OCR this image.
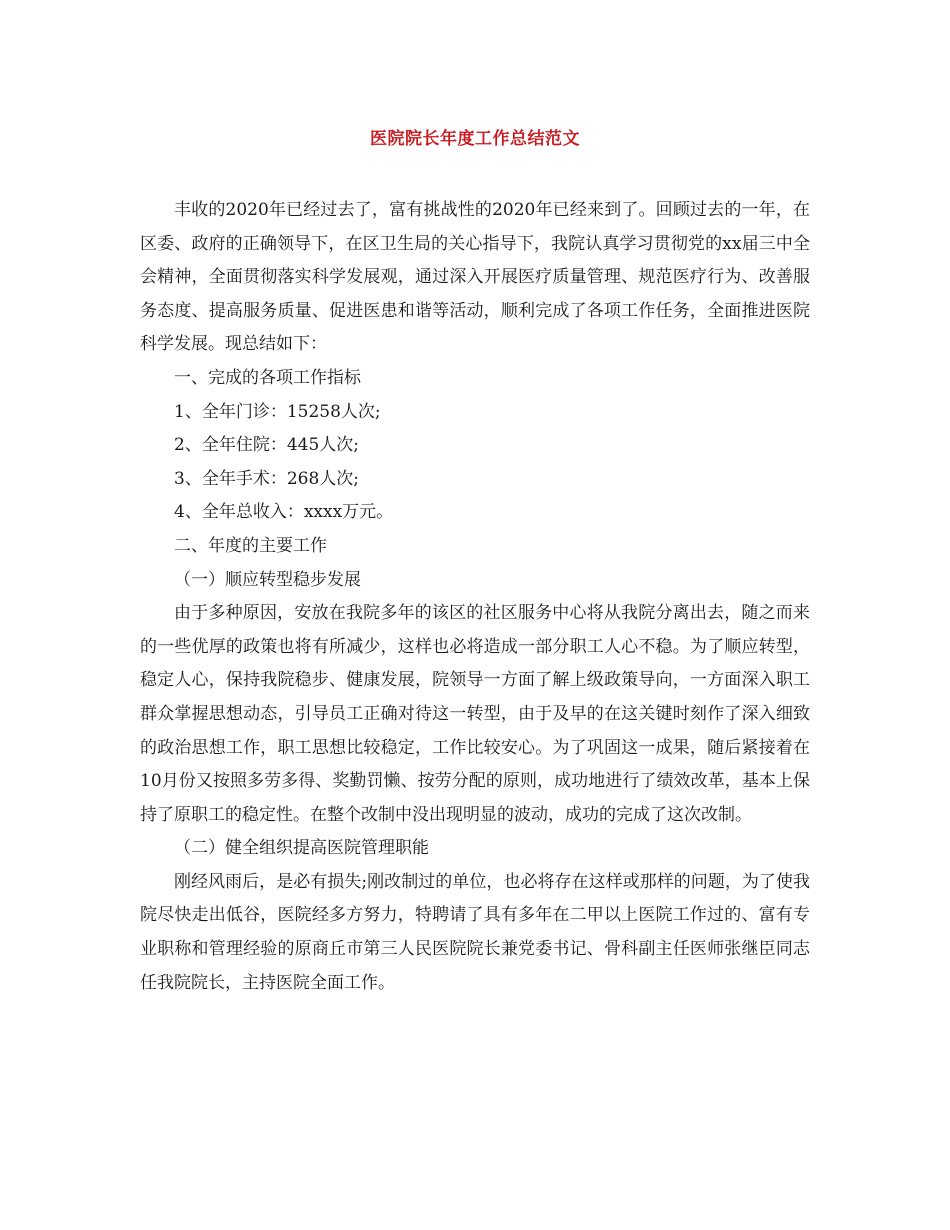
医院院长年度工作总结范文

丰收的2020年已经过去了，富有挑战性的2020年已经来到了。回顾过去的一年，在区委、政府的正确领导下，在区卫生局的关心指导下，我院认真学习贯彻党的xx届三中全会精神，全面贯彻落实科学发展观，通过深入开展医疗质量管理、规范医疗行为、改善服务态度、提高服务质量、促进医患和谐等活动，顺利完成了各项工作任务，全面推进医院科学发展。现总结如下：

一、完成的各项工作指标

1、全年门诊：15258人次;

2、全年住院：445人次;

3、全年手术：268人次;

4、全年总收入：xxxx万元。

二、年度的主要工作

（一）顺应转型稳步发展

由于多种原因，安放在我院多年的该区的社区服务中心将从我院分离出去，随之而来的一些优厚的政策也将有所减少，这样也必将造成一部分职工人心不稳。为了顺应转型，稳定人心，保持我院稳步、健康发展，院领导一方面了解上级政策导向，一方面深入职工群众掌握思想动态，引导员工正确对待这一转型，由于及早的在这关键时刻作了深入细致的政治思想工作，职工思想比较稳定，工作比较安心。为了巩固这一成果，随后紧接着在10月份又按照多劳多得、奖勤罚懒、按劳分配的原则，成功地进行了绩效改革，基本上保持了原职工的稳定性。在整个改制中没出现明显的波动，成功的完成了这次改制。

（二）健全组织提高医院管理职能

刚经风雨后，是必有损失;刚改制过的单位，也必将存在这样或那样的问题，为了使我院尽快走出低谷，医院经多方努力，特聘请了具有多年在二甲以上医院工作过的、富有专业职称和管理经验的原商丘市第三人民医院院长兼党委书记、骨科副主任医师张继臣同志任我院院长，主持医院全面工作。
